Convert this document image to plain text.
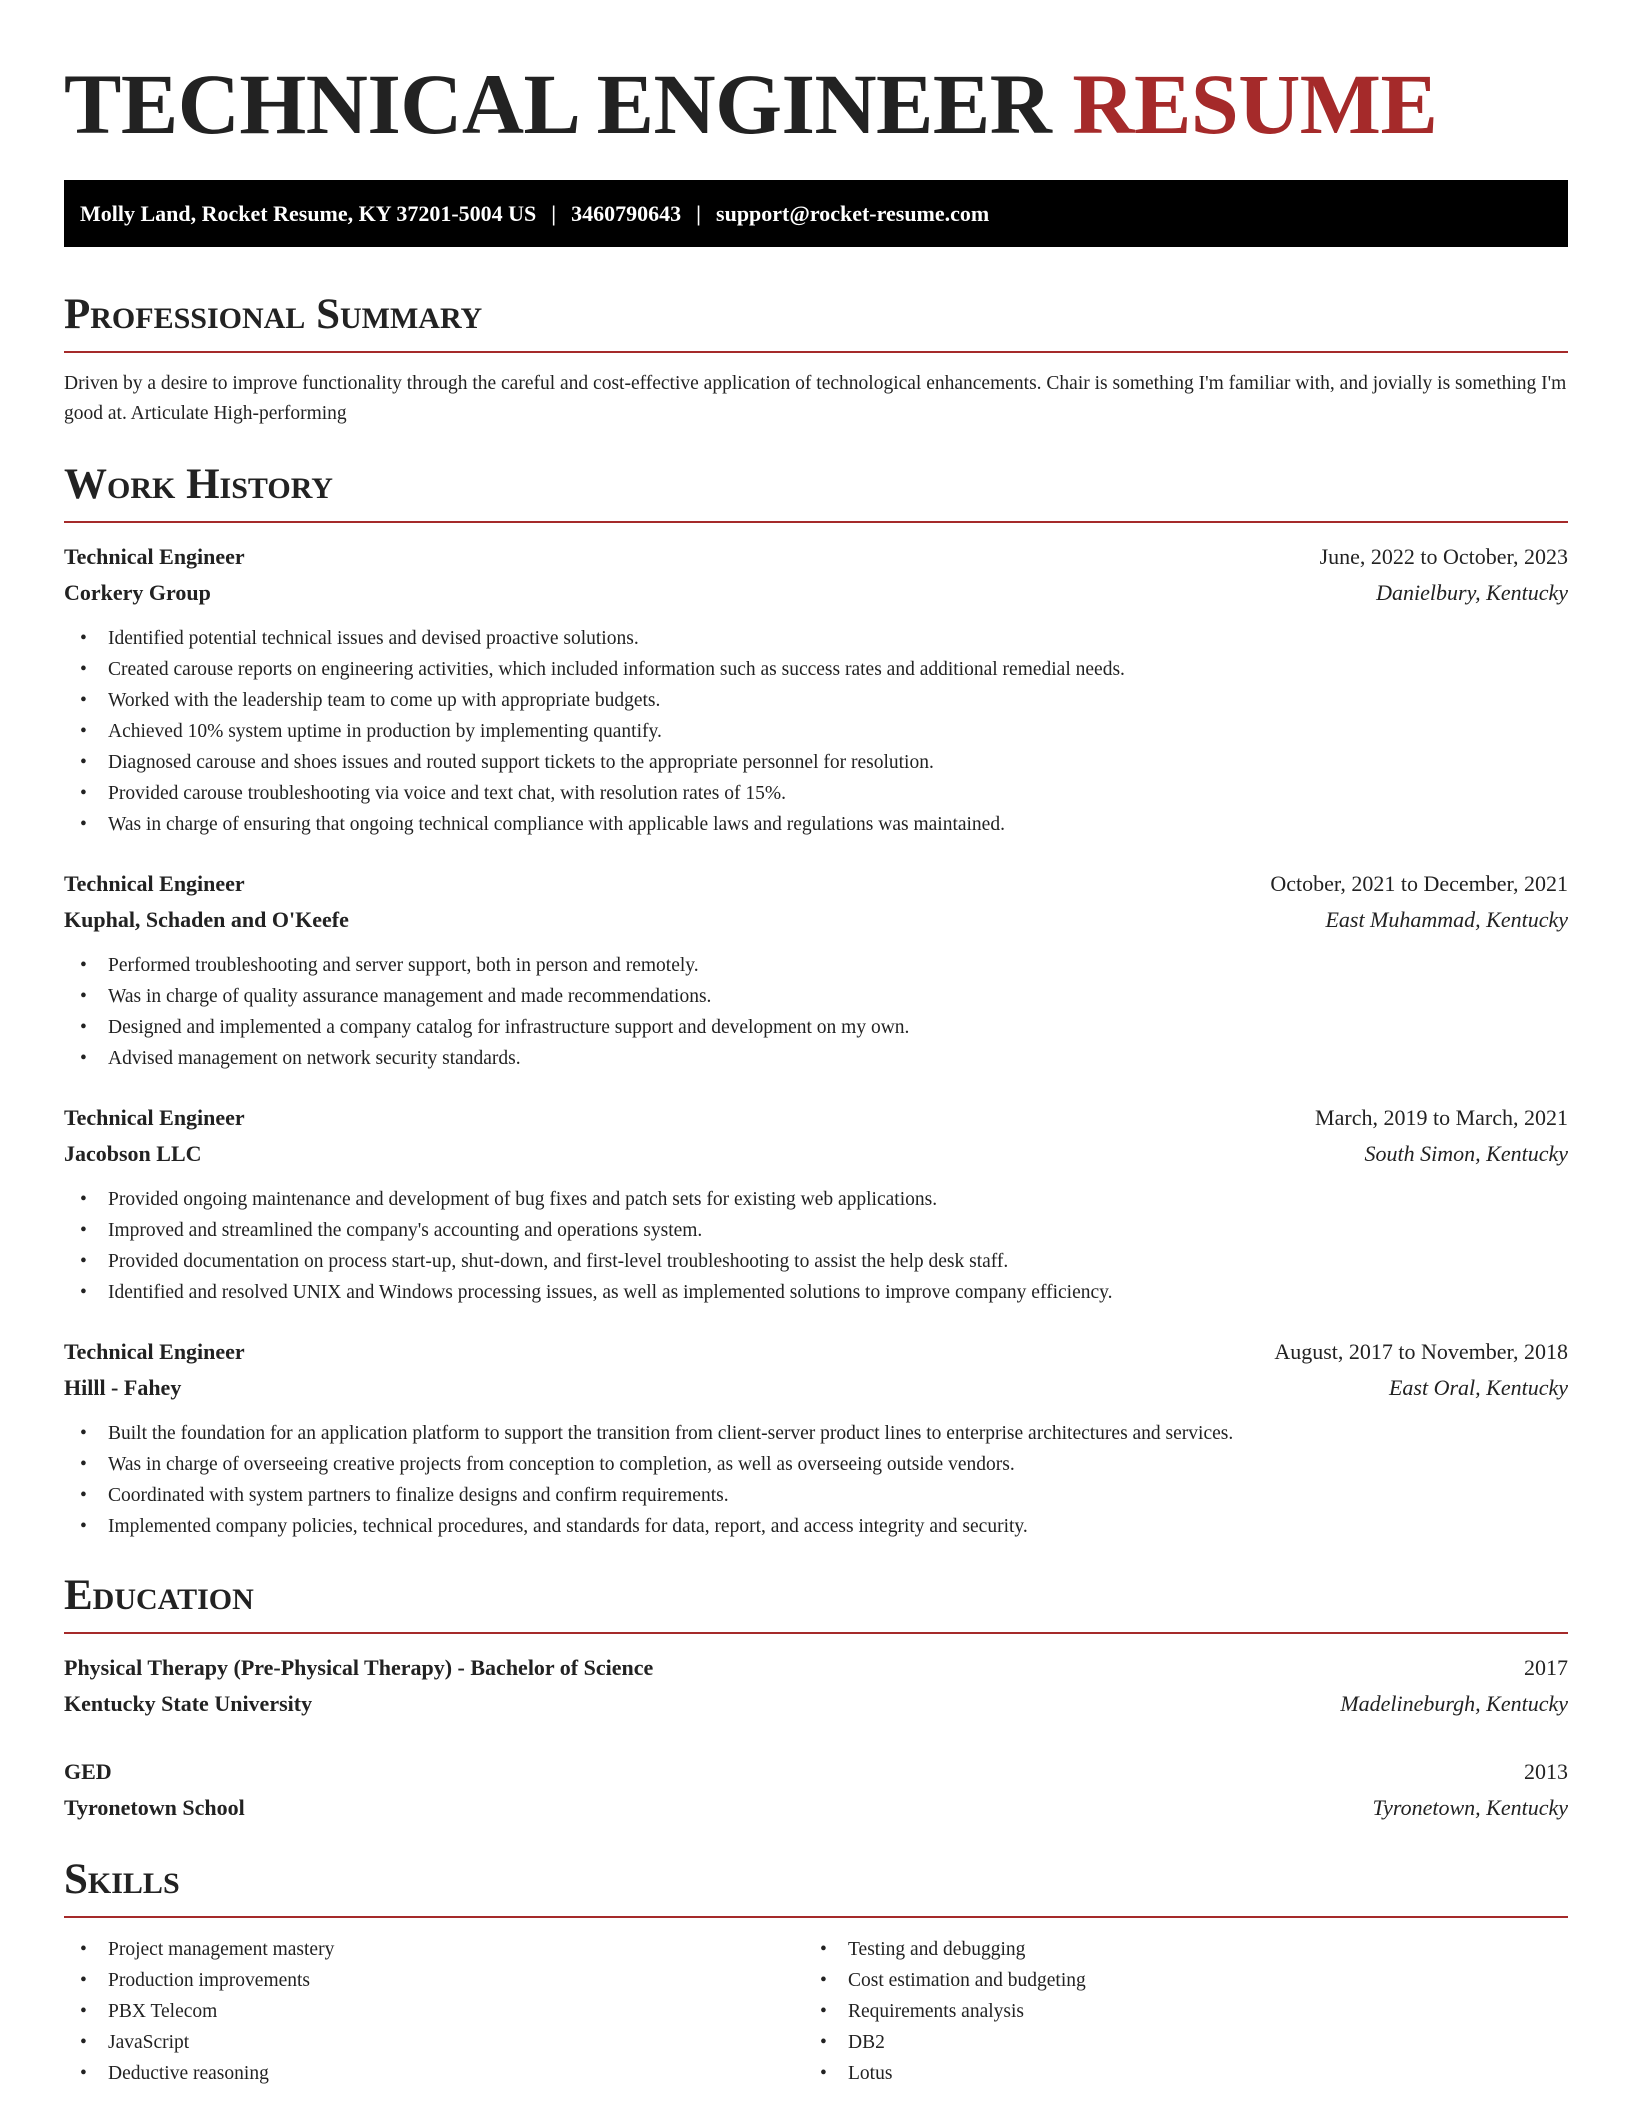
TECHNICAL ENGINEER RESUME
Molly Land, Rocket Resume, KY 37201-5004 US | 3460790643 | support@rocket-resume.com
Professional Summary

Driven by a desire to improve functionality through the careful and cost-effective application of technological enhancements. Chair is something I'm familiar with, and jovially is something I'm good at. Articulate High-performing

Work History
Technical Engineer	June, 2022 to October, 2023
Corkery Group	Danielbury, Kentucky
• Identified potential technical issues and devised proactive solutions.
• Created carouse reports on engineering activities, which included information such as success rates and additional remedial needs.
• Worked with the leadership team to come up with appropriate budgets.
• Achieved 10% system uptime in production by implementing quantify.
• Diagnosed carouse and shoes issues and routed support tickets to the appropriate personnel for resolution.
• Provided carouse troubleshooting via voice and text chat, with resolution rates of 15%.
• Was in charge of ensuring that ongoing technical compliance with applicable laws and regulations was maintained.
Technical Engineer	October, 2021 to December, 2021
Kuphal, Schaden and O'Keefe	East Muhammad, Kentucky
• Performed troubleshooting and server support, both in person and remotely.
• Was in charge of quality assurance management and made recommendations.
• Designed and implemented a company catalog for infrastructure support and development on my own.
• Advised management on network security standards.
Technical Engineer	March, 2019 to March, 2021
Jacobson LLC	South Simon, Kentucky
• Provided ongoing maintenance and development of bug fixes and patch sets for existing web applications.
• Improved and streamlined the company's accounting and operations system.
• Provided documentation on process start-up, shut-down, and first-level troubleshooting to assist the help desk staff.
• Identified and resolved UNIX and Windows processing issues, as well as implemented solutions to improve company efficiency.
Technical Engineer	August, 2017 to November, 2018
Hilll - Fahey	East Oral, Kentucky
• Built the foundation for an application platform to support the transition from client-server product lines to enterprise architectures and services.
• Was in charge of overseeing creative projects from conception to completion, as well as overseeing outside vendors.
• Coordinated with system partners to finalize designs and confirm requirements.
• Implemented company policies, technical procedures, and standards for data, report, and access integrity and security.
Education
Physical Therapy (Pre-Physical Therapy) - Bachelor of Science	2017
Kentucky State University	Madelineburgh, Kentucky
GED	2013
Tyronetown School	Tyronetown, Kentucky
Skills
• Project management mastery
• Production improvements
• PBX Telecom
• JavaScript
• Deductive reasoning
• Testing and debugging
• Cost estimation and budgeting
• Requirements analysis
• DB2
• Lotus
